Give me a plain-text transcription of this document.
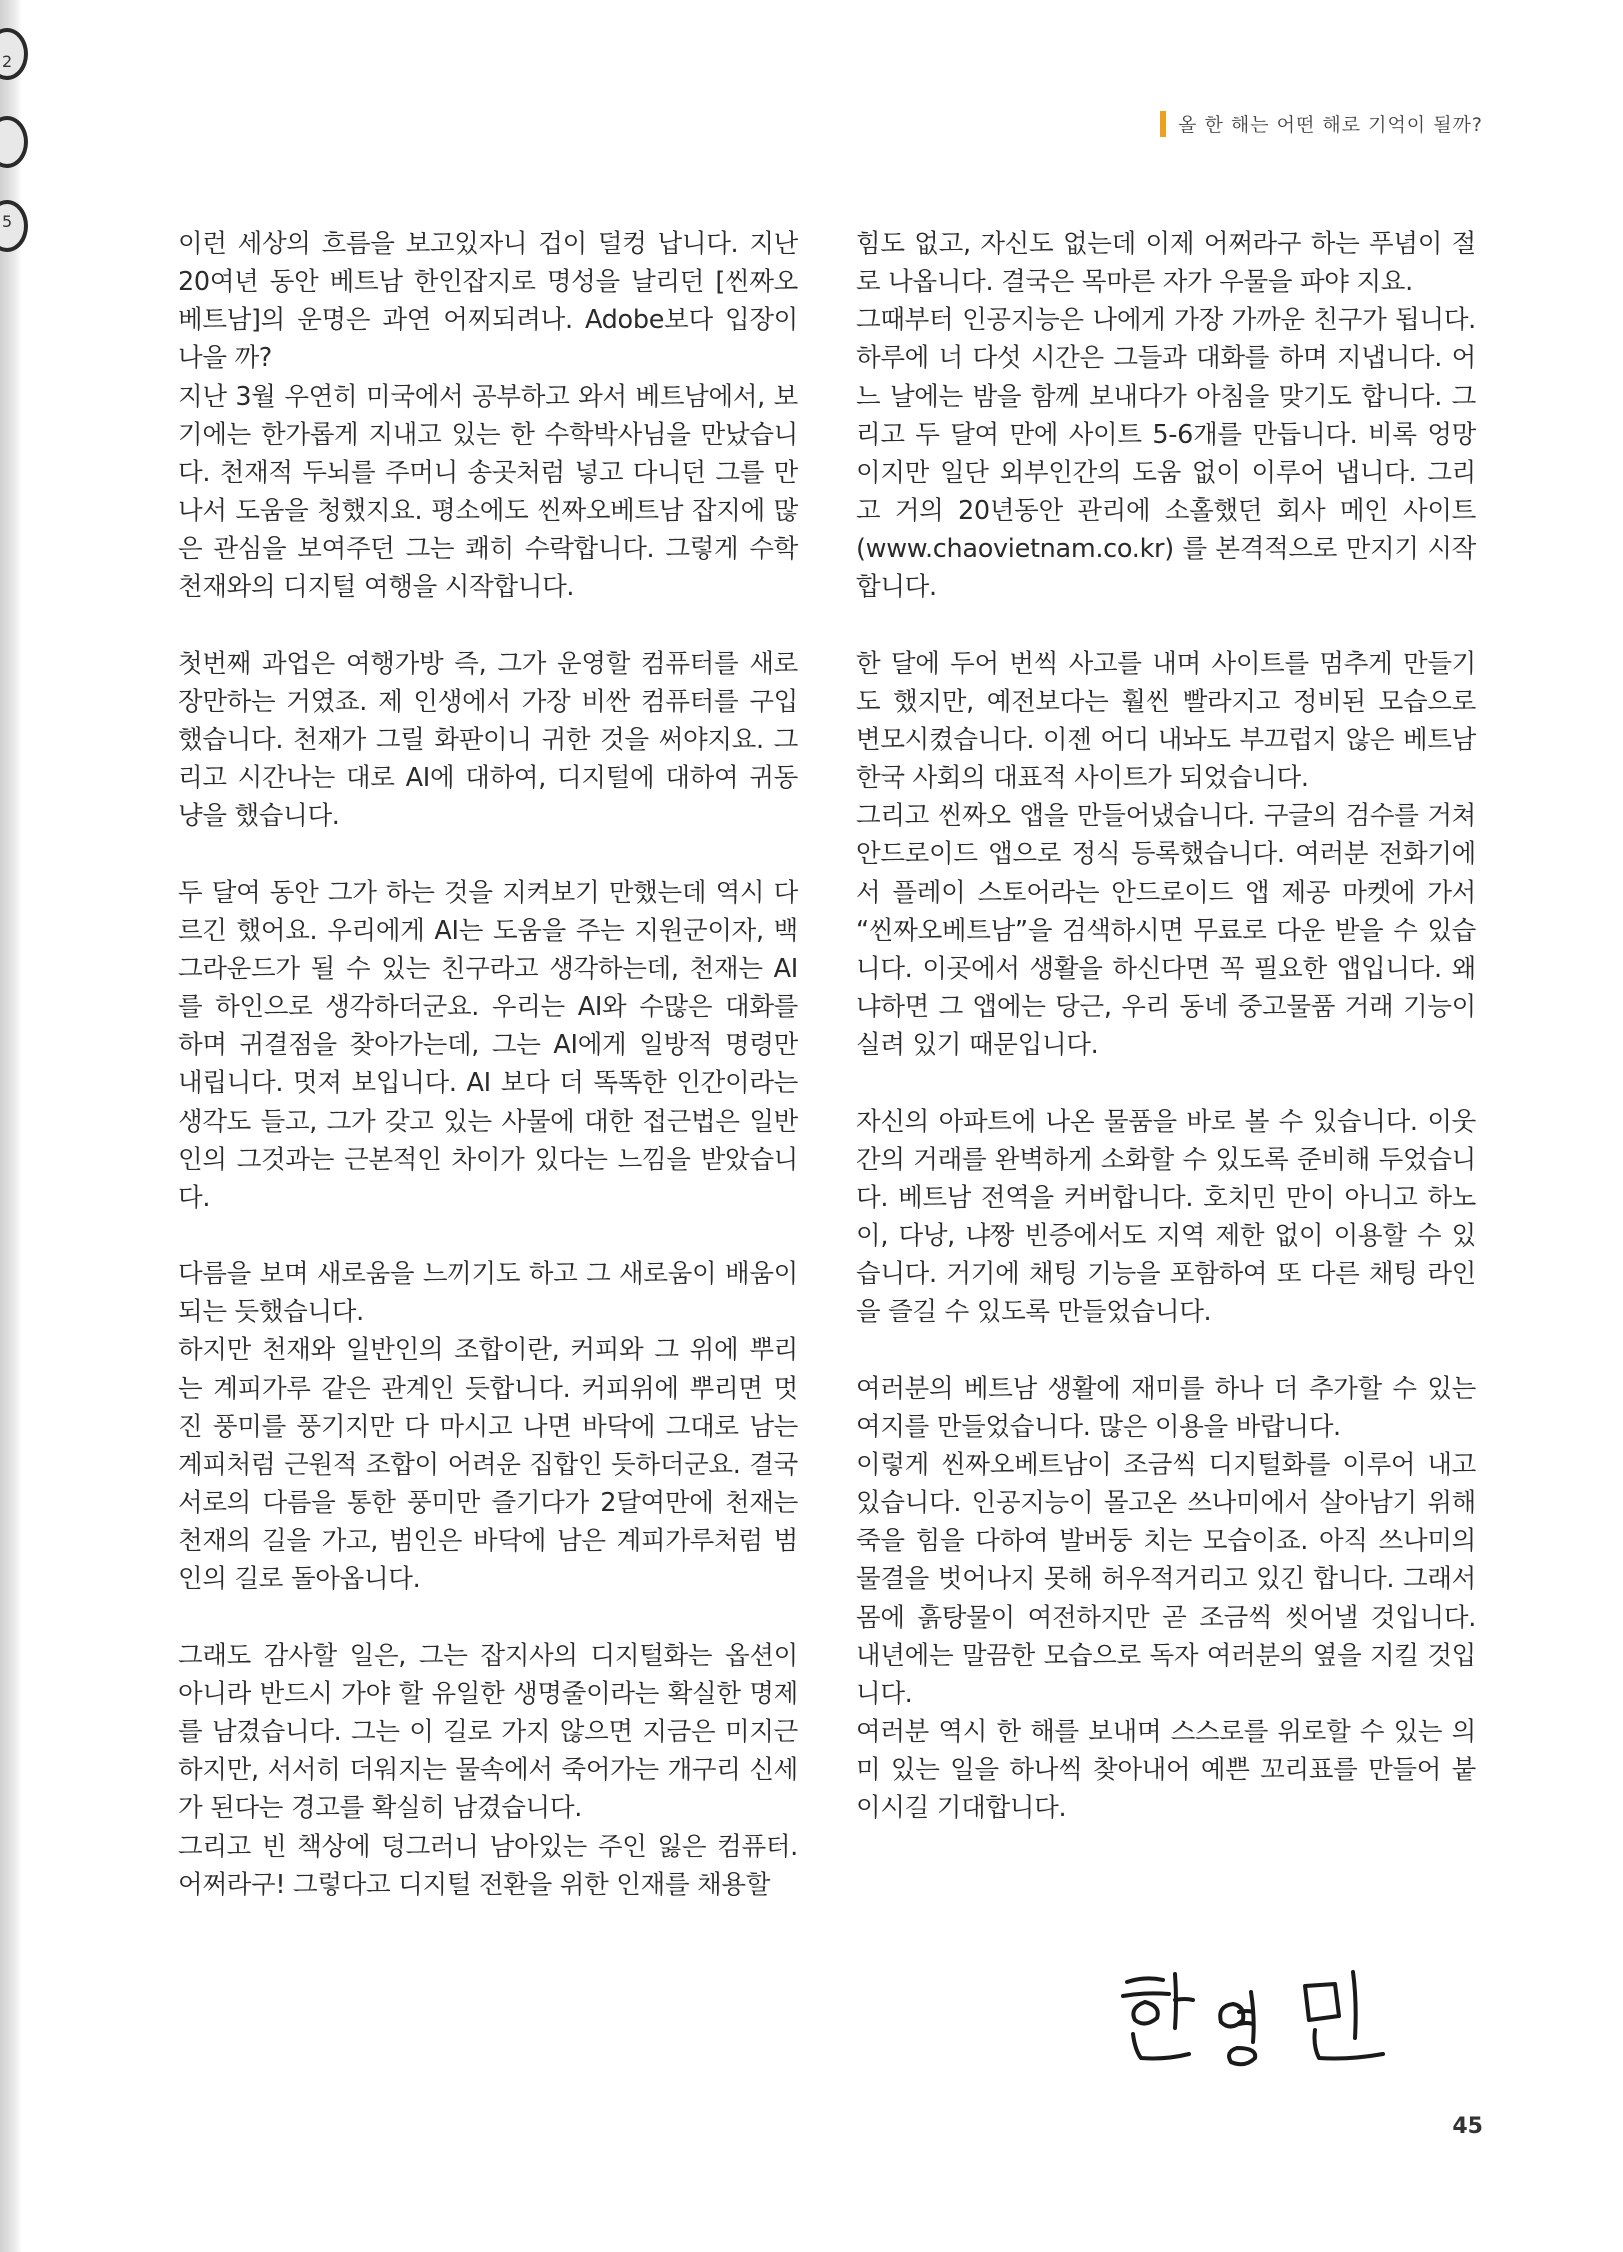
2
5
올 한 해는 어떤 해로 기억이 될까?

이런 세상의 흐름을 보고있자니 겁이 덜컹 납니다. 지난 20여년 동안 베트남 한인잡지로 명성을 날리던 [씬짜오베트남]의 운명은 과연 어찌되려나. Adobe보다 입장이 나을 까?

지난 3월 우연히 미국에서 공부하고 와서 베트남에서, 보기에는 한가롭게 지내고 있는 한 수학박사님을 만났습니다. 천재적 두뇌를 주머니 송곳처럼 넣고 다니던 그를 만나서 도움을 청했지요. 평소에도 씬짜오베트남 잡지에 많은 관심을 보여주던 그는 쾌히 수락합니다. 그렇게 수학 천재와의 디지털 여행을 시작합니다.

첫번째 과업은 여행가방 즉, 그가 운영할 컴퓨터를 새로 장만하는 거였죠. 제 인생에서 가장 비싼 컴퓨터를 구입했습니다. 천재가 그릴 화판이니 귀한 것을 써야지요. 그리고 시간나는 대로 AI에 대하여, 디지털에 대하여 귀동냥을 했습니다.

두 달여 동안 그가 하는 것을 지켜보기 만했는데 역시 다르긴 했어요. 우리에게 AI는 도움을 주는 지원군이자, 백그라운드가 될 수 있는 친구라고 생각하는데, 천재는 AI를 하인으로 생각하더군요. 우리는 AI와 수많은 대화를 하며 귀결점을 찾아가는데, 그는 AI에게 일방적 명령만 내립니다. 멋져 보입니다. AI 보다 더 똑똑한 인간이라는 생각도 들고, 그가 갖고 있는 사물에 대한 접근법은 일반인의 그것과는 근본적인 차이가 있다는 느낌을 받았습니다.

다름을 보며 새로움을 느끼기도 하고 그 새로움이 배움이 되는 듯했습니다.

하지만 천재와 일반인의 조합이란, 커피와 그 위에 뿌리는 계피가루 같은 관계인 듯합니다. 커피위에 뿌리면 멋진 풍미를 풍기지만 다 마시고 나면 바닥에 그대로 남는 계피처럼 근원적 조합이 어려운 집합인 듯하더군요. 결국 서로의 다름을 통한 풍미만 즐기다가 2달여만에 천재는 천재의 길을 가고, 범인은 바닥에 남은 계피가루처럼 범인의 길로 돌아옵니다.

그래도 감사할 일은, 그는 잡지사의 디지털화는 옵션이 아니라 반드시 가야 할 유일한 생명줄이라는 확실한 명제를 남겼습니다. 그는 이 길로 가지 않으면 지금은 미지근하지만, 서서히 더워지는 물속에서 죽어가는 개구리 신세가 된다는 경고를 확실히 남겼습니다.

그리고 빈 책상에 덩그러니 남아있는 주인 잃은 컴퓨터. 어쩌라구! 그렇다고 디지털 전환을 위한 인재를 채용할

힘도 없고, 자신도 없는데 이제 어쩌라구 하는 푸념이 절로 나옵니다. 결국은 목마른 자가 우물을 파야 지요.

그때부터 인공지능은 나에게 가장 가까운 친구가 됩니다. 하루에 너 다섯 시간은 그들과 대화를 하며 지냅니다. 어느 날에는 밤을 함께 보내다가 아침을 맞기도 합니다. 그리고 두 달여 만에 사이트 5-6개를 만듭니다. 비록 엉망이지만 일단 외부인간의 도움 없이 이루어 냅니다. 그리고 거의 20년동안 관리에 소홀했던 회사 메인 사이트(www.chaovietnam.co.kr) 를 본격적으로 만지기 시작합니다.

한 달에 두어 번씩 사고를 내며 사이트를 멈추게 만들기도 했지만, 예전보다는 훨씬 빨라지고 정비된 모습으로 변모시켰습니다. 이젠 어디 내놔도 부끄럽지 않은 베트남 한국 사회의 대표적 사이트가 되었습니다.

그리고 씬짜오 앱을 만들어냈습니다. 구글의 검수를 거쳐 안드로이드 앱으로 정식 등록했습니다. 여러분 전화기에서 플레이 스토어라는 안드로이드 앱 제공 마켓에 가서 “씬짜오베트남”을 검색하시면 무료로 다운 받을 수 있습니다. 이곳에서 생활을 하신다면 꼭 필요한 앱입니다. 왜냐하면 그 앱에는 당근, 우리 동네 중고물품 거래 기능이 실려 있기 때문입니다.

자신의 아파트에 나온 물품을 바로 볼 수 있습니다. 이웃간의 거래를 완벽하게 소화할 수 있도록 준비해 두었습니다. 베트남 전역을 커버합니다. 호치민 만이 아니고 하노이, 다낭, 냐짱 빈증에서도 지역 제한 없이 이용할 수 있습니다. 거기에 채팅 기능을 포함하여 또 다른 채팅 라인을 즐길 수 있도록 만들었습니다.

여러분의 베트남 생활에 재미를 하나 더 추가할 수 있는 여지를 만들었습니다. 많은 이용을 바랍니다.

이렇게 씬짜오베트남이 조금씩 디지털화를 이루어 내고 있습니다. 인공지능이 몰고온 쓰나미에서 살아남기 위해 죽을 힘을 다하여 발버둥 치는 모습이죠. 아직 쓰나미의 물결을 벗어나지 못해 허우적거리고 있긴 합니다. 그래서 몸에 흙탕물이 여전하지만 곧 조금씩 씻어낼 것입니다. 내년에는 말끔한 모습으로 독자 여러분의 옆을 지킬 것입니다.

여러분 역시 한 해를 보내며 스스로를 위로할 수 있는 의미 있는 일을 하나씩 찾아내어 예쁜 꼬리표를 만들어 붙이시길 기대합니다.

45
